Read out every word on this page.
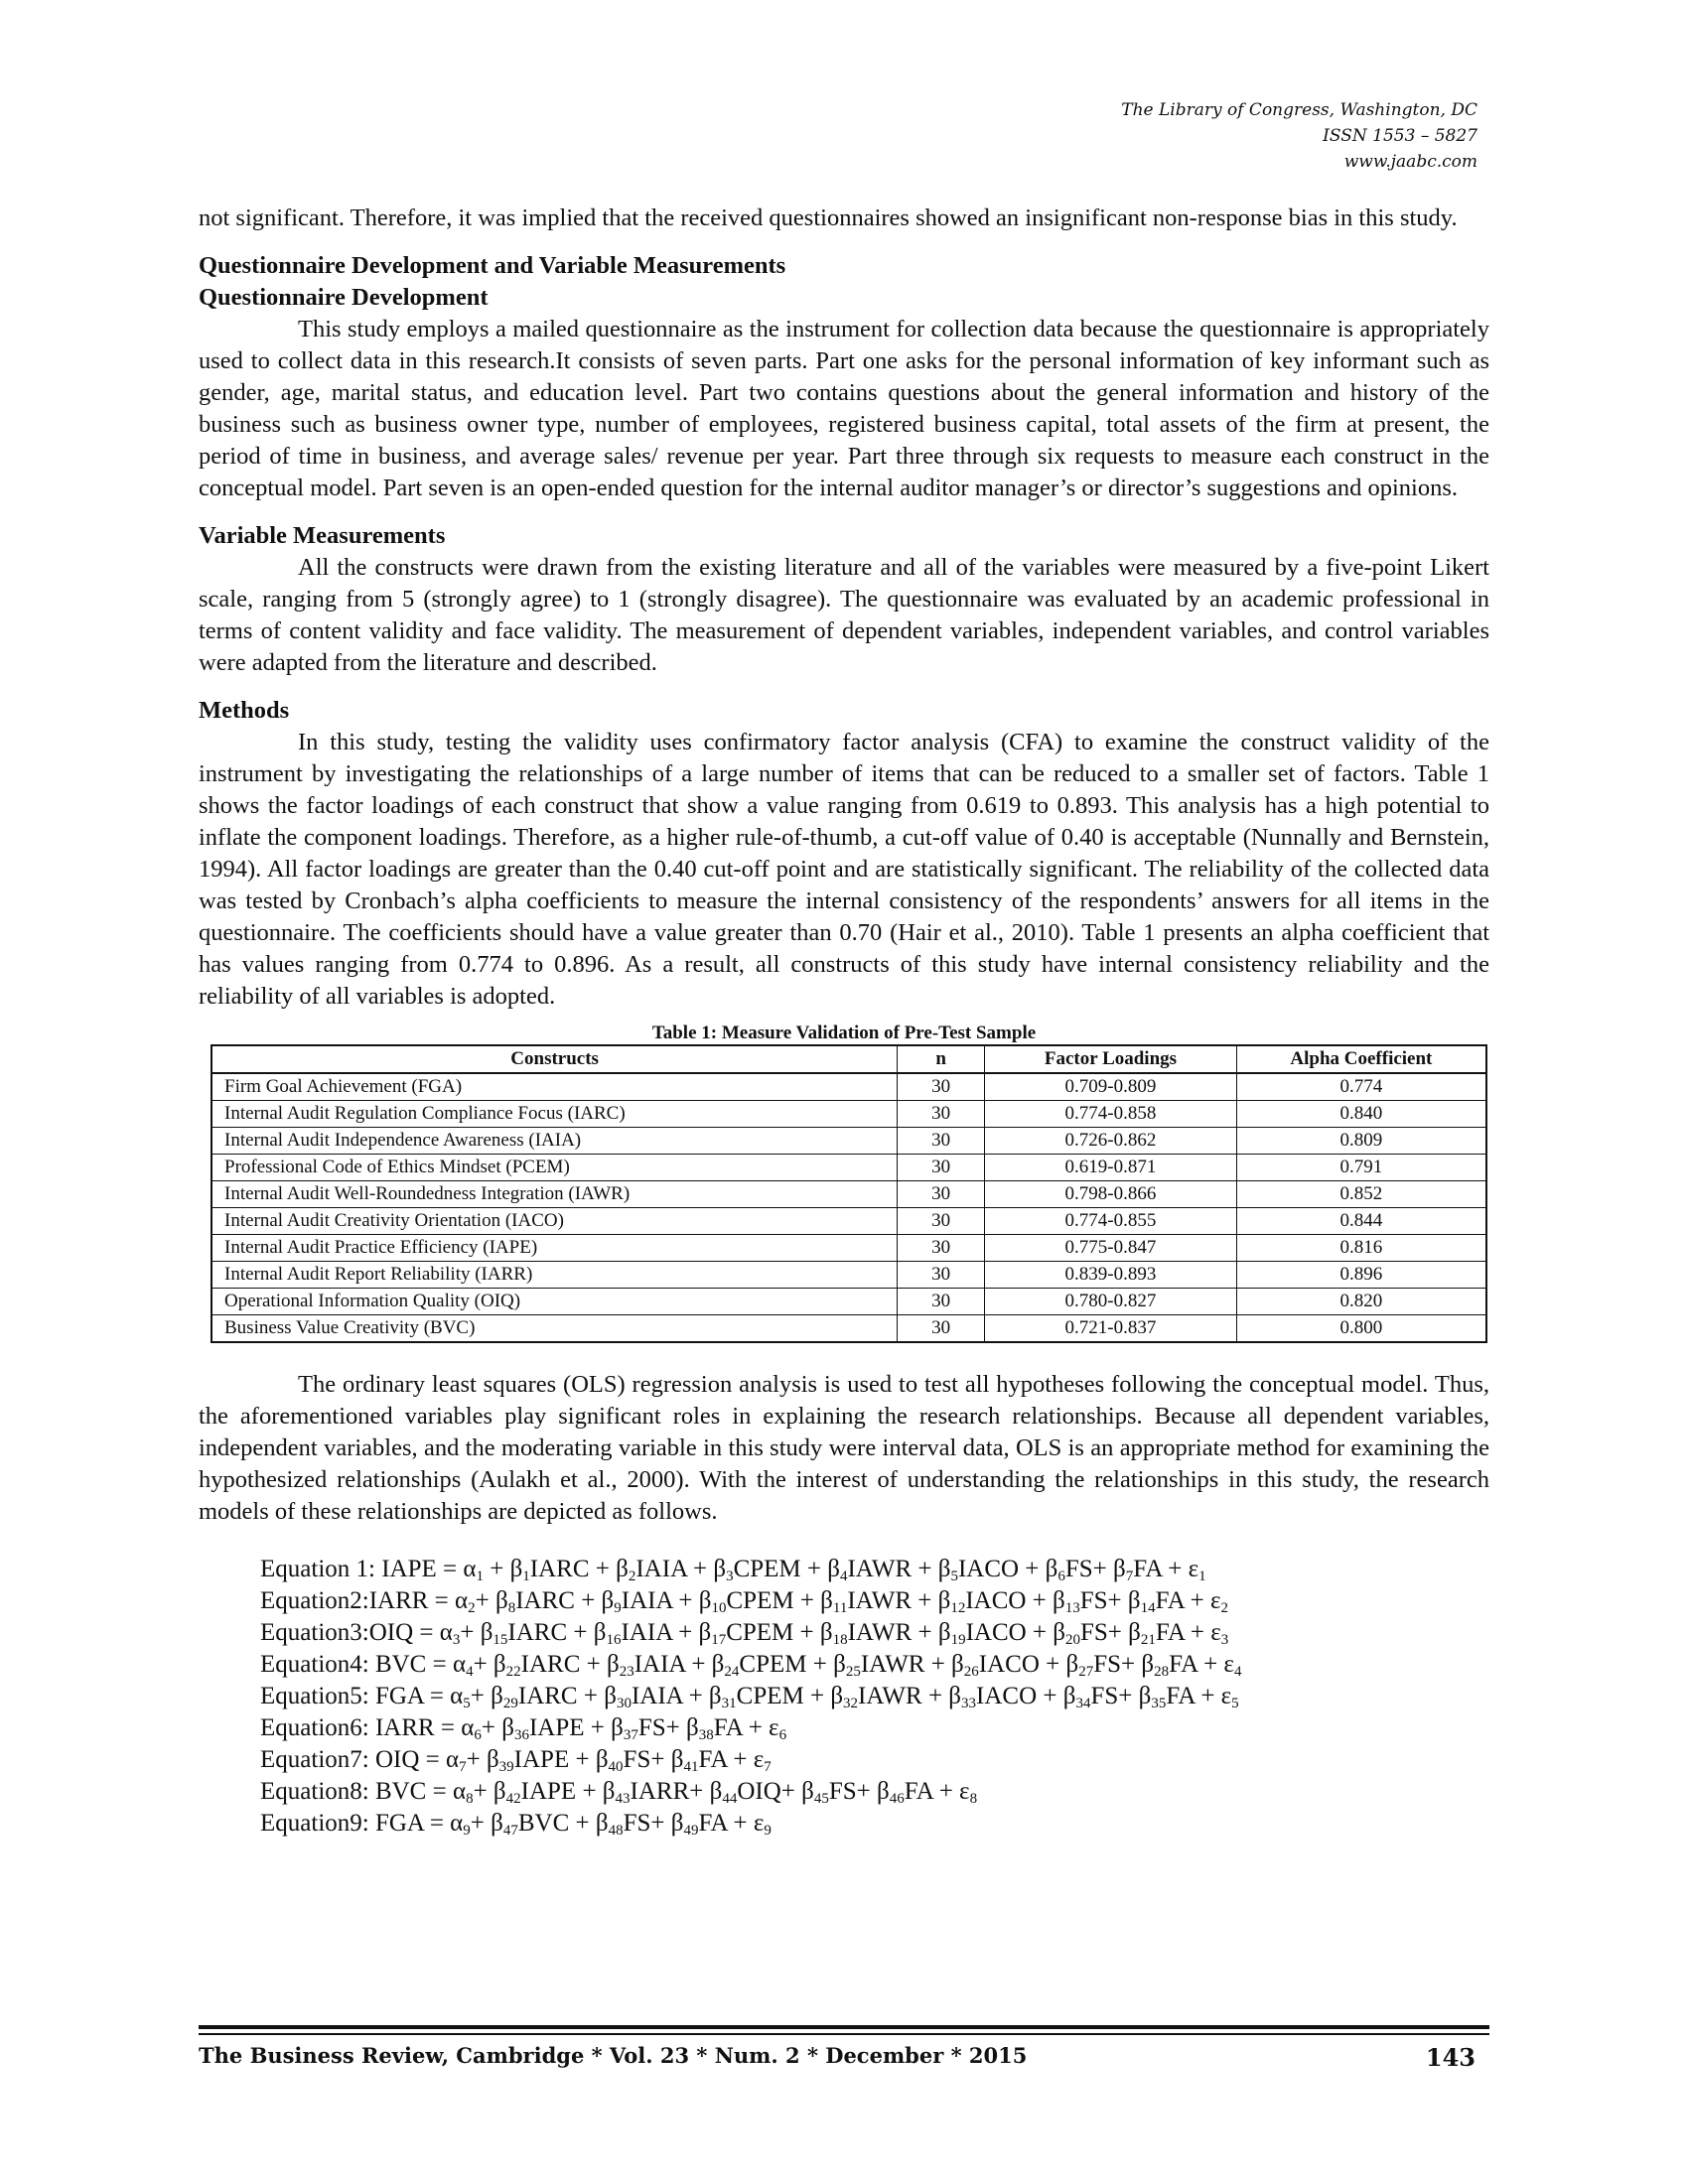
The Library of Congress, Washington, DC
ISSN 1553 – 5827
www.jaabc.com

not significant. Therefore, it was implied that the received questionnaires showed an insignificant non-response bias in this study.

Questionnaire Development and Variable Measurements
Questionnaire Development

This study employs a mailed questionnaire as the instrument for collection data because the questionnaire is appropriately used to collect data in this research.It consists of seven parts. Part one asks for the personal information of key informant such as gender, age, marital status, and education level. Part two contains questions about the general information and history of the business such as business owner type, number of employees, registered business capital, total assets of the firm at present, the period of time in business, and average sales/ revenue per year. Part three through six requests to measure each construct in the conceptual model. Part seven is an open-ended question for the internal auditor manager’s or director’s suggestions and opinions.

Variable Measurements

All the constructs were drawn from the existing literature and all of the variables were measured by a five-point Likert scale, ranging from 5 (strongly agree) to 1 (strongly disagree). The questionnaire was evaluated by an academic professional in terms of content validity and face validity. The measurement of dependent variables, independent variables, and control variables were adapted from the literature and described.

Methods

In this study, testing the validity uses confirmatory factor analysis (CFA) to examine the construct validity of the instrument by investigating the relationships of a large number of items that can be reduced to a smaller set of factors. Table 1 shows the factor loadings of each construct that show a value ranging from 0.619 to 0.893. This analysis has a high potential to inflate the component loadings. Therefore, as a higher rule-of-thumb, a cut-off value of 0.40 is acceptable (Nunnally and Bernstein, 1994). All factor loadings are greater than the 0.40 cut-off point and are statistically significant. The reliability of the collected data was tested by Cronbach’s alpha coefficients to measure the internal consistency of the respondents’ answers for all items in the questionnaire. The coefficients should have a value greater than 0.70 (Hair et al., 2010). Table 1 presents an alpha coefficient that has values ranging from 0.774 to 0.896. As a result, all constructs of this study have internal consistency reliability and the reliability of all variables is adopted.

Table 1: Measure Validation of Pre-Test Sample
Constructs	n	Factor Loadings	Alpha Coefficient
Firm Goal Achievement (FGA)	30	0.709-0.809	0.774
Internal Audit Regulation Compliance Focus (IARC)	30	0.774-0.858	0.840
Internal Audit Independence Awareness (IAIA)	30	0.726-0.862	0.809
Professional Code of Ethics Mindset (PCEM)	30	0.619-0.871	0.791
Internal Audit Well-Roundedness Integration (IAWR)	30	0.798-0.866	0.852
Internal Audit Creativity Orientation (IACO)	30	0.774-0.855	0.844
Internal Audit Practice Efficiency (IAPE)	30	0.775-0.847	0.816
Internal Audit Report Reliability (IARR)	30	0.839-0.893	0.896
Operational Information Quality (OIQ)	30	0.780-0.827	0.820
Business Value Creativity (BVC)	30	0.721-0.837	0.800

The ordinary least squares (OLS) regression analysis is used to test all hypotheses following the conceptual model. Thus, the aforementioned variables play significant roles in explaining the research relationships. Because all dependent variables, independent variables, and the moderating variable in this study were interval data, OLS is an appropriate method for examining the hypothesized relationships (Aulakh et al., 2000). With the interest of understanding the relationships in this study, the research models of these relationships are depicted as follows.

Equation 1: IAPE = $\alpha_1$ + $\beta_1IARC$ + $\beta_2IAIA$ + $\beta_3CPEM$ + $\beta_4IAWR$ + $\beta_5IACO + \beta_6FS+ \beta_7FA + \varepsilon_1$
Equation2:IARR = $\alpha_2+$ $\beta_8IARC$ + $\beta_9IAIA$ + $\beta_{10}CPEM$ + $\beta_{11}IAWR$ + $\beta_{12}IACO + \beta_{13}FS+ \beta_{14}FA + \varepsilon_2$
Equation3:OIQ = $\alpha_3+$ $\beta_{15}IARC$ + $\beta_{16}IAIA$ + $\beta_{17}CPEM$ + $\beta_{18}IAWR$ + $\beta_{19}IACO + \beta_{20}FS+ \beta_{21}FA + \varepsilon_3$
Equation4: BVC = $\alpha_4+$ $\beta_{22}IARC$ + $\beta_{23}IAIA$ + $\beta_{24}CPEM$ + $\beta_{25}IAWR$ + $\beta_{26}IACO + \beta_{27}FS+ \beta_{28}FA + \varepsilon_4$
Equation5: FGA = $\alpha_5+$ $\beta_{29}IARC$ + $\beta_{30}IAIA$ + $\beta_{31}CPEM$ + $\beta_{32}IAWR$ + $\beta_{33}IACO + \beta_{34}FS+ \beta_{35}FA + \varepsilon_5$
Equation6: IARR = $\alpha_6+$ $\beta_{36}IAPE + \beta_{37}FS+ \beta_{38}FA + \varepsilon_6$
Equation7: OIQ = $\alpha_7+$ $\beta_{39}IAPE + \beta_{40}FS+ \beta_{41}FA + \varepsilon_7$
Equation8: BVC = $\alpha_8+$ $\beta_{42}IAPE$ + $\beta_{43}IARR+ \beta_{44}OIQ+ \beta_{45}FS+ \beta_{46}FA + \varepsilon_8$
Equation9: FGA = $\alpha_9+ \beta_{47}BVC + \beta_{48}FS+ \beta_{49}FA + \varepsilon_9$
The Business Review, Cambridge * Vol. 23 * Num. 2 * December * 2015	143
